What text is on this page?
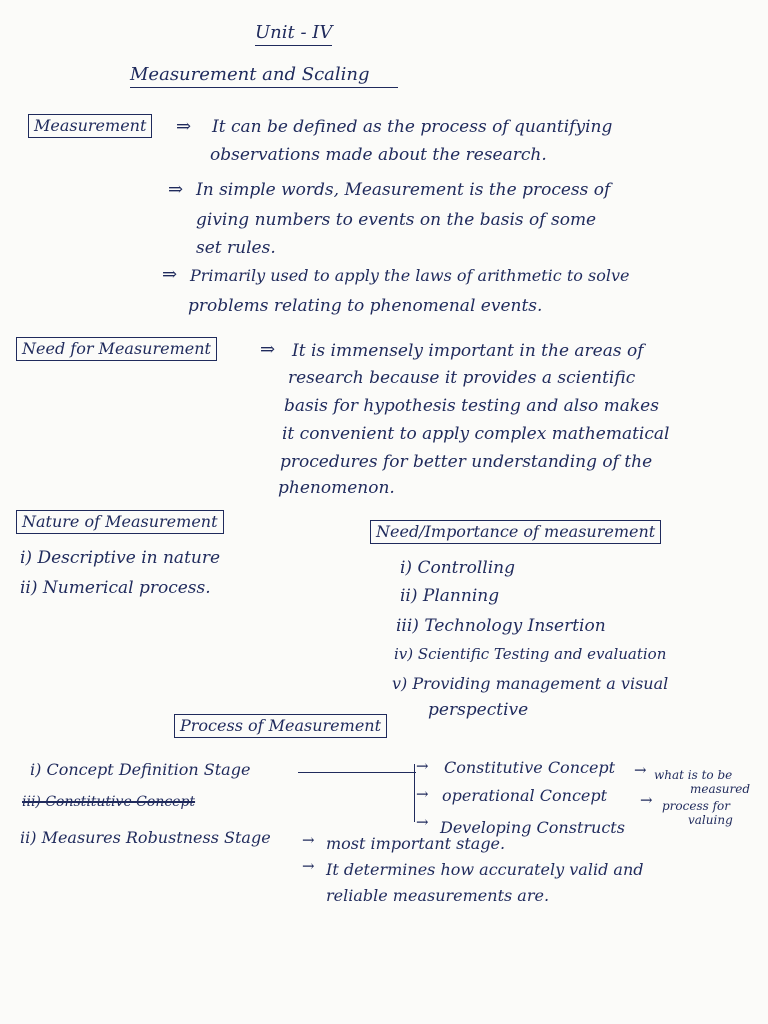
Unit - IV
Measurement and Scaling
Measurement	⇒ It can be defined as the process of quantifying
observations made about the research.
⇒ In simple words, Measurement is the process of
giving numbers to events on the basis of some
set rules.
⇒ Primarily used to apply the laws of arithmetic to solve
problems relating to phenomenal events.
Need for Measurement	⇒ It is immensely important in the areas of
research because it provides a scientific
basis for hypothesis testing and also makes
it convenient to apply complex mathematical
procedures for better understanding of the
phenomenon.
Nature of Measurement
i) Descriptive in nature
ii) Numerical process.
Need/Importance of measurement
i) Controlling
ii) Planning
iii) Technology Insertion
iv) Scientific Testing and evaluation
v) Providing management a visual
perspective
Process of Measurement
i) Concept Definition Stage	→ Constitutive Concept → what is to be
measured
→ operational Concept → process for
valuing
→ Developing Constructs
iii) Constitutive Concept
ii) Measures Robustness Stage → most important stage.
→ It determines how accurately valid and
reliable measurements are.
